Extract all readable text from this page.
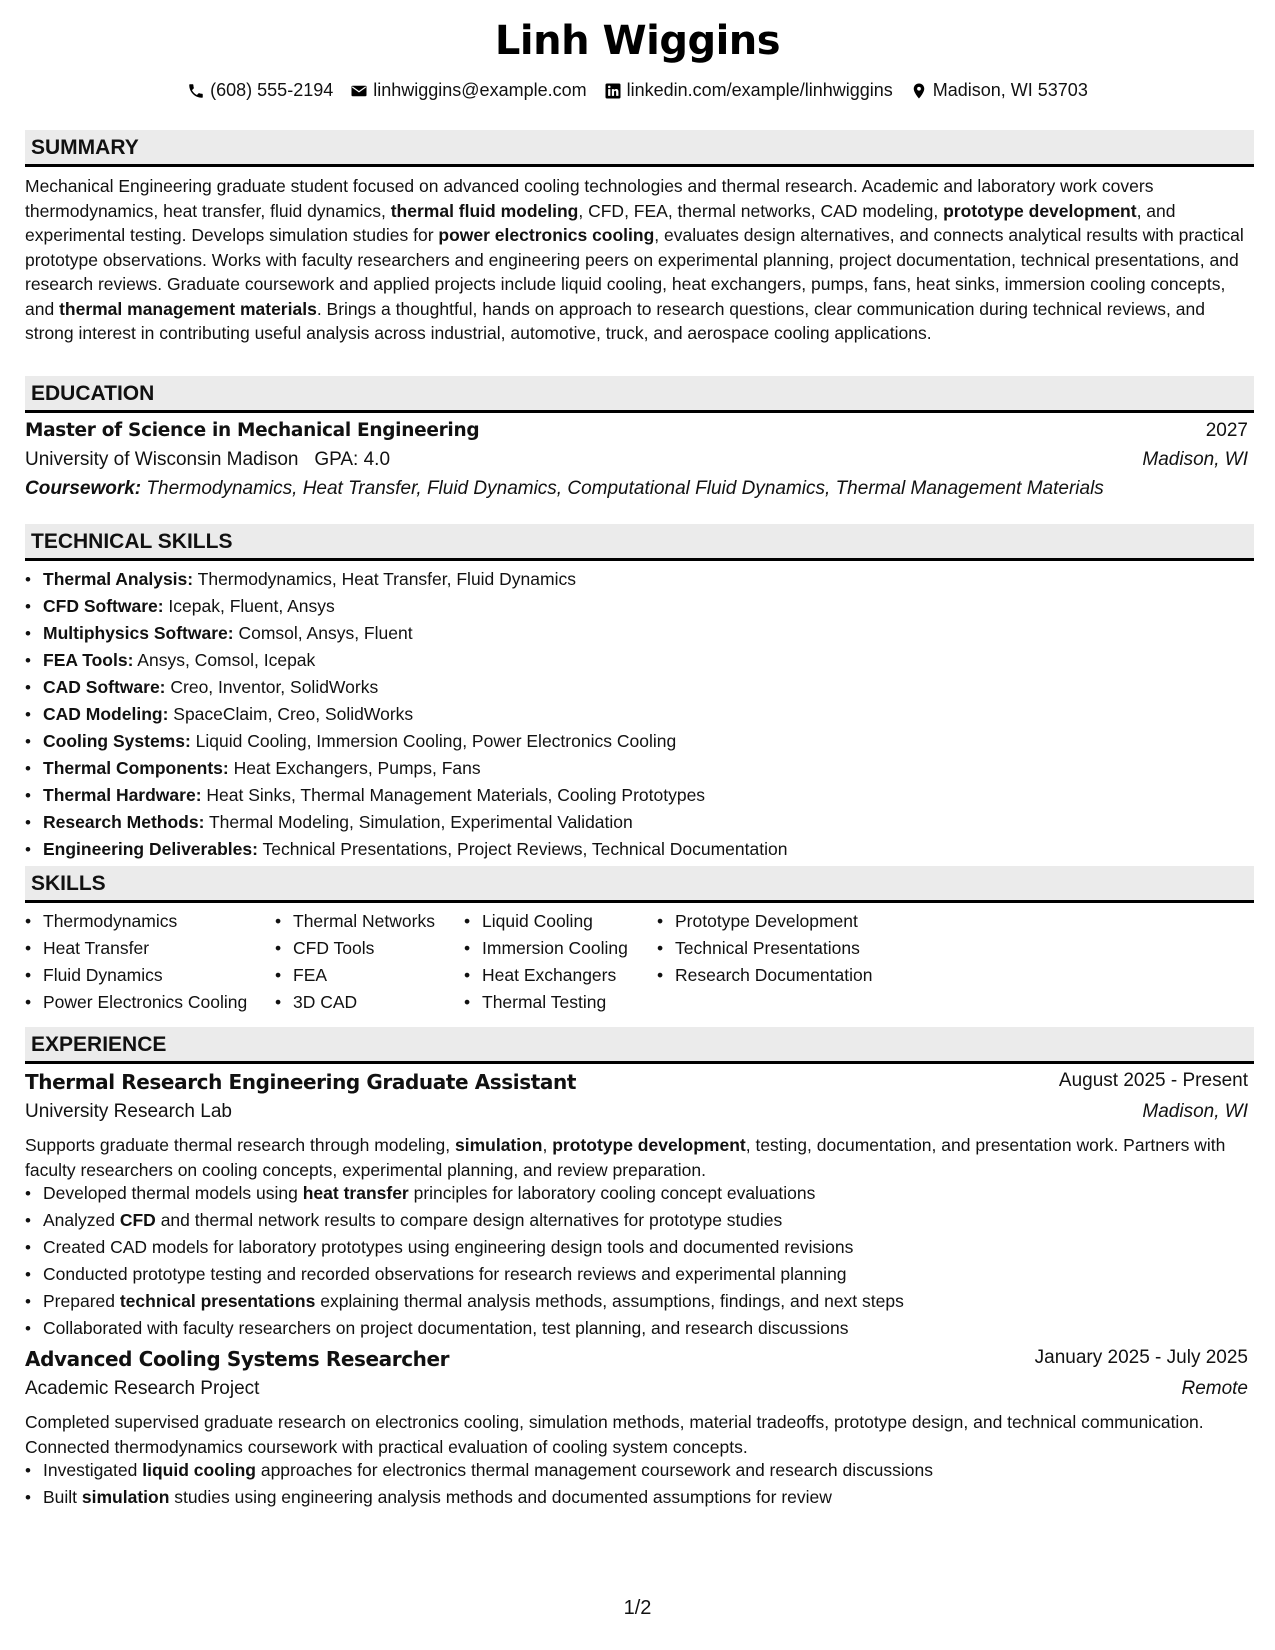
Linh Wiggins
(608) 555-2194 linhwiggins@example.com linkedin.com/example/linhwiggins Madison, WI 53703
SUMMARY
Mechanical Engineering graduate student focused on advanced cooling technologies and thermal research. Academic and laboratory work covers thermodynamics, heat transfer, fluid dynamics, thermal fluid modeling, CFD, FEA, thermal networks, CAD modeling, prototype development, and experimental testing. Develops simulation studies for power electronics cooling, evaluates design alternatives, and connects analytical results with practical prototype observations. Works with faculty researchers and engineering peers on experimental planning, project documentation, technical presentations, and research reviews. Graduate coursework and applied projects include liquid cooling, heat exchangers, pumps, fans, heat sinks, immersion cooling concepts, and thermal management materials. Brings a thoughtful, hands on approach to research questions, clear communication during technical reviews, and strong interest in contributing useful analysis across industrial, automotive, truck, and aerospace cooling applications.
EDUCATION
Master of Science in Mechanical Engineering	2027
University of Wisconsin Madison GPA: 4.0	Madison, WI
Coursework: Thermodynamics, Heat Transfer, Fluid Dynamics, Computational Fluid Dynamics, Thermal Management Materials
TECHNICAL SKILLS
• Thermal Analysis: Thermodynamics, Heat Transfer, Fluid Dynamics
• CFD Software: Icepak, Fluent, Ansys
• Multiphysics Software: Comsol, Ansys, Fluent
• FEA Tools: Ansys, Comsol, Icepak
• CAD Software: Creo, Inventor, SolidWorks
• CAD Modeling: SpaceClaim, Creo, SolidWorks
• Cooling Systems: Liquid Cooling, Immersion Cooling, Power Electronics Cooling
• Thermal Components: Heat Exchangers, Pumps, Fans
• Thermal Hardware: Heat Sinks, Thermal Management Materials, Cooling Prototypes
• Research Methods: Thermal Modeling, Simulation, Experimental Validation
• Engineering Deliverables: Technical Presentations, Project Reviews, Technical Documentation
SKILLS
• Thermodynamics
• Heat Transfer
• Fluid Dynamics
• Power Electronics Cooling
• Thermal Networks
• CFD Tools
• FEA
• 3D CAD
• Liquid Cooling
• Immersion Cooling
• Heat Exchangers
• Thermal Testing
• Prototype Development
• Technical Presentations
• Research Documentation
EXPERIENCE
Thermal Research Engineering Graduate Assistant	August 2025 - Present
University Research Lab	Madison, WI
Supports graduate thermal research through modeling, simulation, prototype development, testing, documentation, and presentation work. Partners with faculty researchers on cooling concepts, experimental planning, and review preparation.
• Developed thermal models using heat transfer principles for laboratory cooling concept evaluations
• Analyzed CFD and thermal network results to compare design alternatives for prototype studies
• Created CAD models for laboratory prototypes using engineering design tools and documented revisions
• Conducted prototype testing and recorded observations for research reviews and experimental planning
• Prepared technical presentations explaining thermal analysis methods, assumptions, findings, and next steps
• Collaborated with faculty researchers on project documentation, test planning, and research discussions
Advanced Cooling Systems Researcher	January 2025 - July 2025
Academic Research Project	Remote
Completed supervised graduate research on electronics cooling, simulation methods, material tradeoffs, prototype design, and technical communication. Connected thermodynamics coursework with practical evaluation of cooling system concepts.
• Investigated liquid cooling approaches for electronics thermal management coursework and research discussions
• Built simulation studies using engineering analysis methods and documented assumptions for review
1/2
